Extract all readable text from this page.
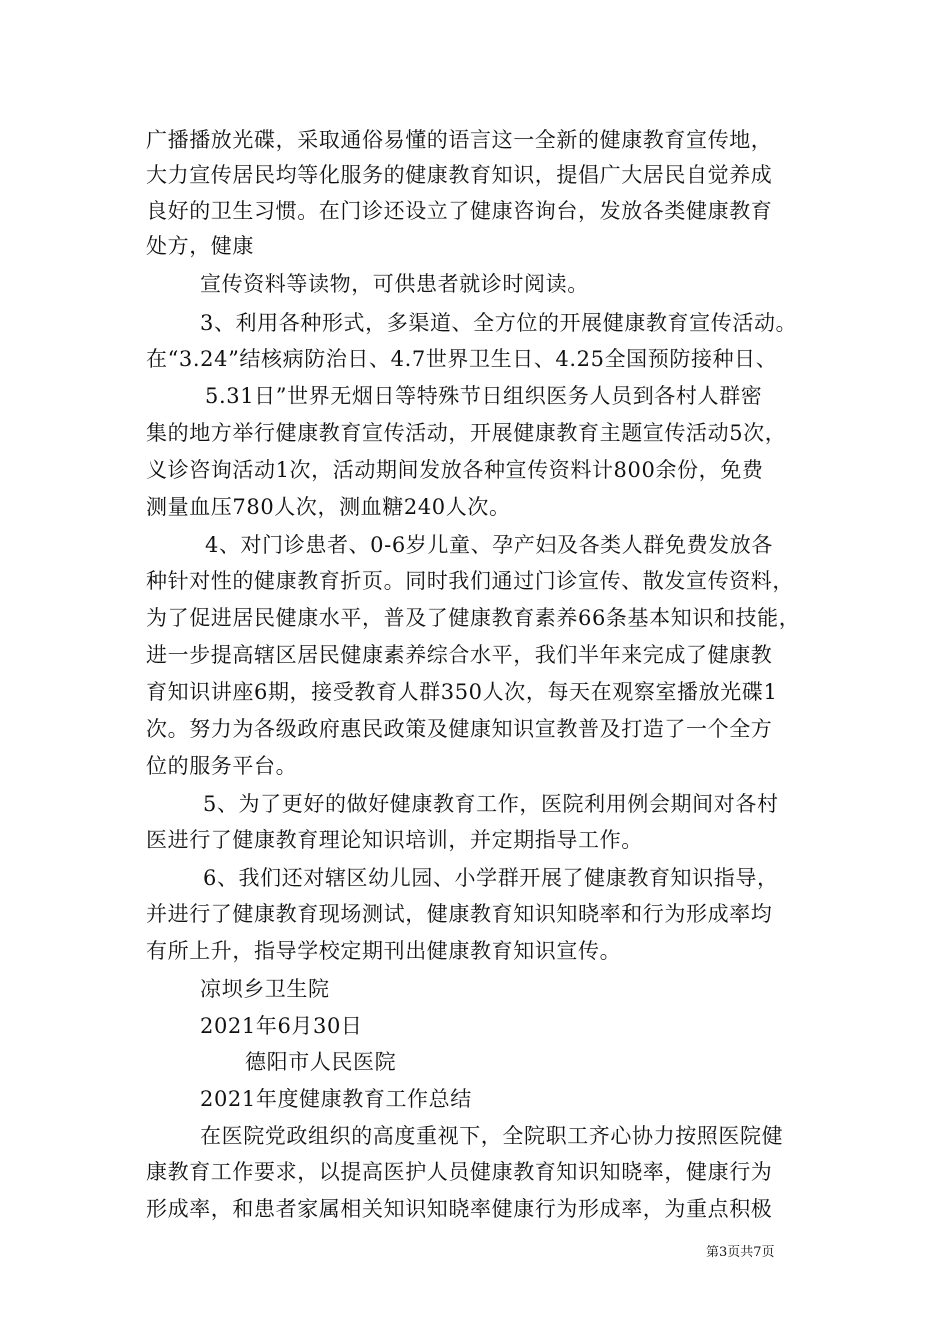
广播播放光碟，采取通俗易懂的语言这一全新的健康教育宣传地，
大力宣传居民均等化服务的健康教育知识，提倡广大居民自觉养成
良好的卫生习惯。在门诊还设立了健康咨询台，发放各类健康教育
处方，健康
宣传资料等读物，可供患者就诊时阅读。
3、利用各种形式，多渠道、全方位的开展健康教育宣传活动。
在“3.24”结核病防治日、4.7世界卫生日、4.25全国预防接种日、
5.31日”世界无烟日等特殊节日组织医务人员到各村人群密
集的地方举行健康教育宣传活动，开展健康教育主题宣传活动5次，
义诊咨询活动1次，活动期间发放各种宣传资料计800余份，免费
测量血压780人次，测血糖240人次。
4、对门诊患者、0-6岁儿童、孕产妇及各类人群免费发放各
种针对性的健康教育折页。同时我们通过门诊宣传、散发宣传资料，
为了促进居民健康水平，普及了健康教育素养66条基本知识和技能，
进一步提高辖区居民健康素养综合水平，我们半年来完成了健康教
育知识讲座6期，接受教育人群350人次，每天在观察室播放光碟1
次。努力为各级政府惠民政策及健康知识宣教普及打造了一个全方
位的服务平台。
5、为了更好的做好健康教育工作，医院利用例会期间对各村
医进行了健康教育理论知识培训，并定期指导工作。
6、我们还对辖区幼儿园、小学群开展了健康教育知识指导，
并进行了健康教育现场测试，健康教育知识知晓率和行为形成率均
有所上升，指导学校定期刊出健康教育知识宣传。
凉坝乡卫生院
2021年6月30日
德阳市人民医院
2021年度健康教育工作总结
在医院党政组织的高度重视下，全院职工齐心协力按照医院健
康教育工作要求，以提高医护人员健康教育知识知晓率，健康行为
形成率，和患者家属相关知识知晓率健康行为形成率，为重点积极
第3页共7页
